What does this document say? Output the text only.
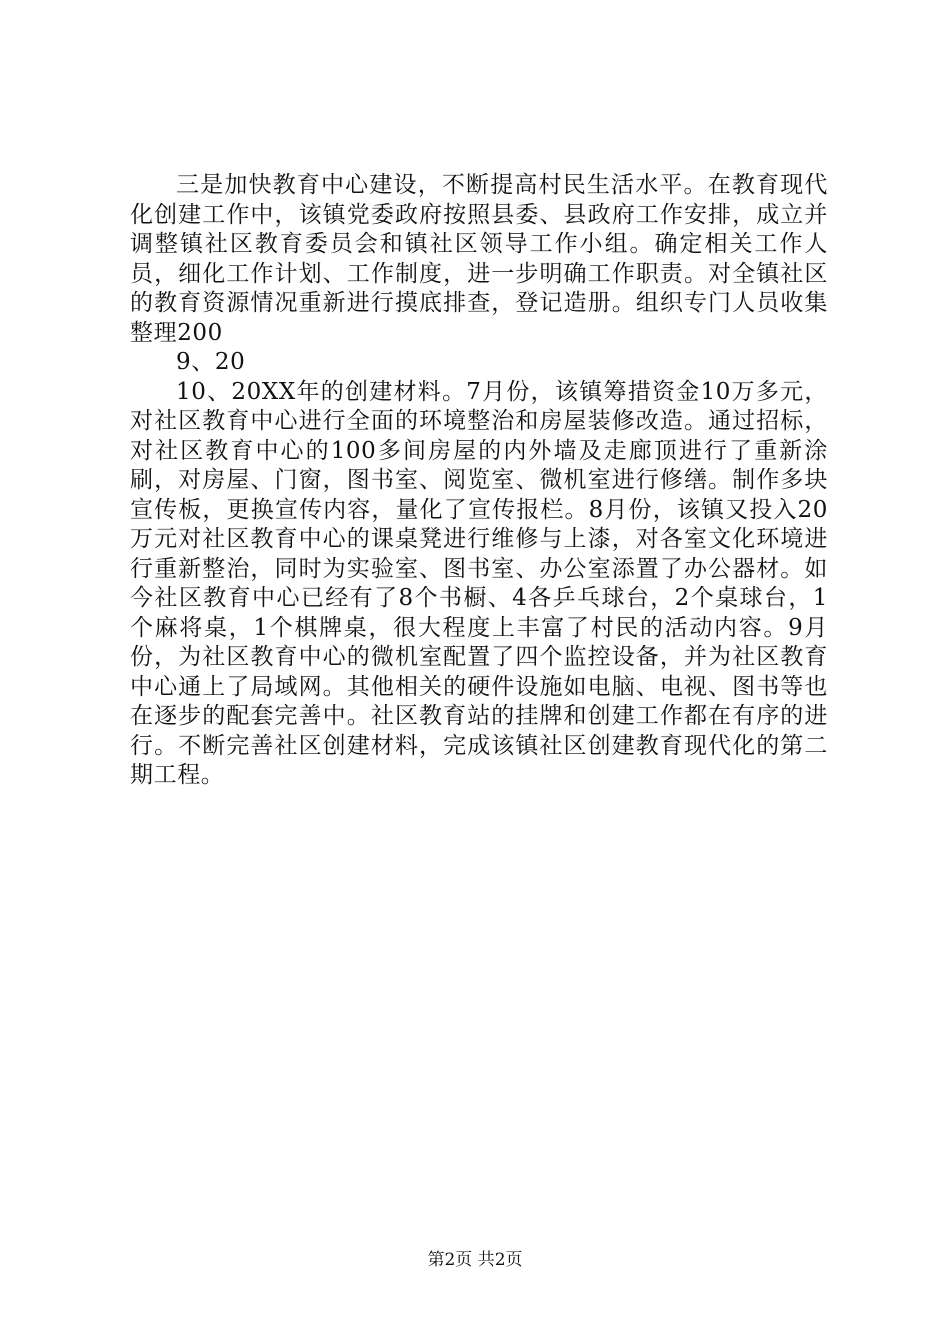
三是加快教育中心建设，不断提高村民生活水平。在教育现代化创建工作中，该镇党委政府按照县委、县政府工作安排，成立并调整镇社区教育委员会和镇社区领导工作小组。确定相关工作人员，细化工作计划、工作制度，进一步明确工作职责。对全镇社区的教育资源情况重新进行摸底排查，登记造册。组织专门人员收集整理200

9、20

10、20XX年的创建材料。7月份，该镇筹措资金10万多元，对社区教育中心进行全面的环境整治和房屋装修改造。通过招标，对社区教育中心的100多间房屋的内外墙及走廊顶进行了重新涂刷，对房屋、门窗，图书室、阅览室、微机室进行修缮。制作多块宣传板，更换宣传内容，量化了宣传报栏。8月份，该镇又投入20万元对社区教育中心的课桌凳进行维修与上漆，对各室文化环境进行重新整治，同时为实验室、图书室、办公室添置了办公器材。如今社区教育中心已经有了8个书橱、4各乒乓球台，2个桌球台，1个麻将桌，1个棋牌桌，很大程度上丰富了村民的活动内容。9月份，为社区教育中心的微机室配置了四个监控设备，并为社区教育中心通上了局域网。其他相关的硬件设施如电脑、电视、图书等也在逐步的配套完善中。社区教育站的挂牌和创建工作都在有序的进行。不断完善社区创建材料，完成该镇社区创建教育现代化的第二期工程。

第2页 共2页
